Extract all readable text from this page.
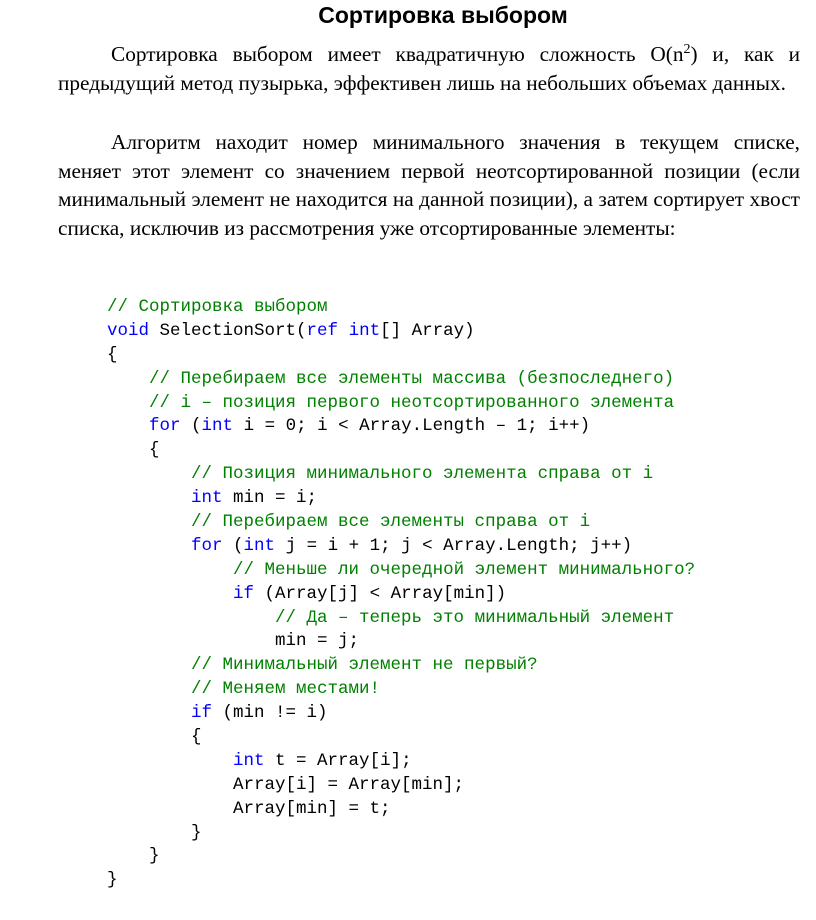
Сортировка выбором

Сортировка выбором имеет квадратичную сложность $O(n^2)$ и, как и предыдущий метод пузырька, эффективен лишь на небольших объемах данных.

Алгоритм находит номер минимального значения в текущем списке, меняет этот элемент со значением первой неотсортированной позиции (если минимальный элемент не находится на данной позиции), а затем сортирует хвост списка, исключив из рассмотрения уже отсортированные элементы:

// Сортировка выбором
void SelectionSort(ref int[] Array)
{
// Перебираем все элементы массива (безпоследнего)
// i – позиция первого неотсортированного элемента
for (int i = 0; i < Array.Length – 1; i++)
{
// Позиция минимального элемента справа от i
int min = i;
// Перебираем все элементы справа от i
for (int j = i + 1; j < Array.Length; j++)
// Меньше ли очередной элемент минимального?
if (Array[j] < Array[min])
// Да – теперь это минимальный элемент
min = j;
// Минимальный элемент не первый?
// Меняем местами!
if (min != i)
{
int t = Array[i];
Array[i] = Array[min];
Array[min] = t;
}
}
}
